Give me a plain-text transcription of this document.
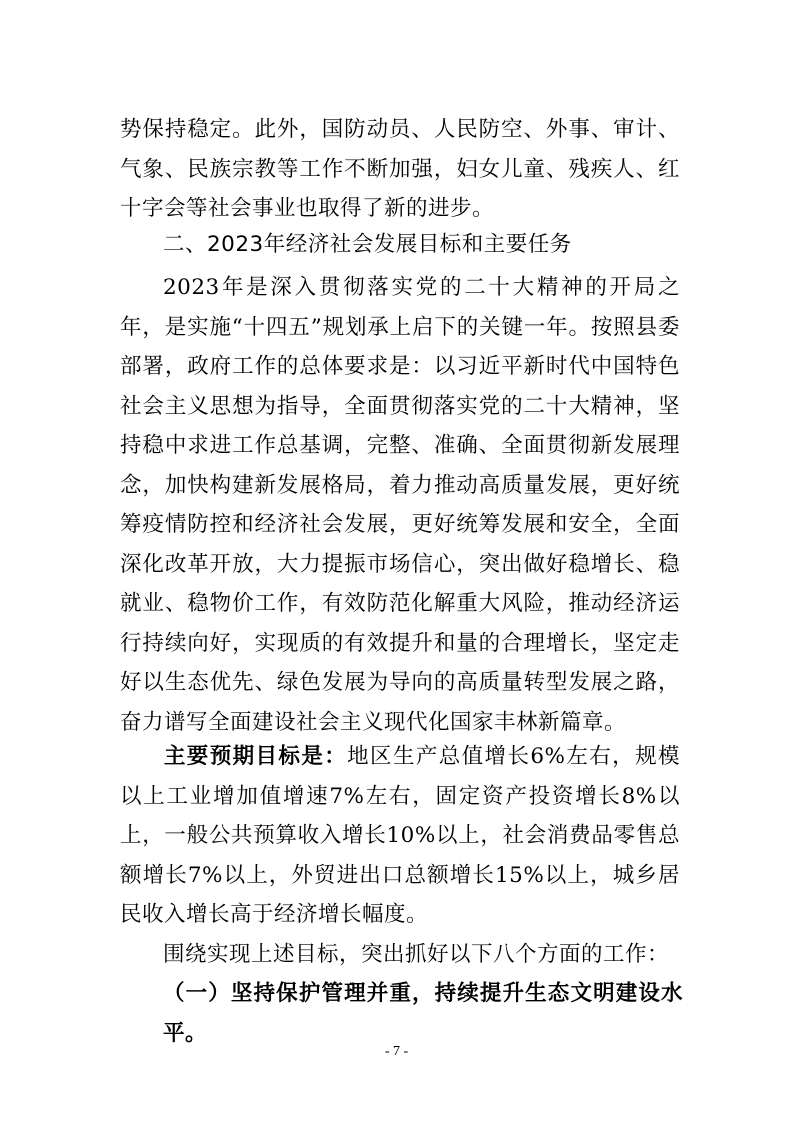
势保持稳定。此外，国防动员、人民防空、外事、审计、气象、民族宗教等工作不断加强，妇女儿童、残疾人、红十字会等社会事业也取得了新的进步。

二、2023年经济社会发展目标和主要任务

2023年是深入贯彻落实党的二十大精神的开局之年，是实施“十四五”规划承上启下的关键一年。按照县委部署，政府工作的总体要求是：以习近平新时代中国特色社会主义思想为指导，全面贯彻落实党的二十大精神，坚持稳中求进工作总基调，完整、准确、全面贯彻新发展理念，加快构建新发展格局，着力推动高质量发展，更好统筹疫情防控和经济社会发展，更好统筹发展和安全，全面深化改革开放，大力提振市场信心，突出做好稳增长、稳就业、稳物价工作，有效防范化解重大风险，推动经济运行持续向好，实现质的有效提升和量的合理增长，坚定走好以生态优先、绿色发展为导向的高质量转型发展之路，奋力谱写全面建设社会主义现代化国家丰林新篇章。

主要预期目标是：地区生产总值增长6%左右，规模以上工业增加值增速7%左右，固定资产投资增长8%以上，一般公共预算收入增长10%以上，社会消费品零售总额增长7%以上，外贸进出口总额增长15%以上，城乡居民收入增长高于经济增长幅度。

围绕实现上述目标，突出抓好以下八个方面的工作：

（一）坚持保护管理并重，持续提升生态文明建设水平。

- 7 -
